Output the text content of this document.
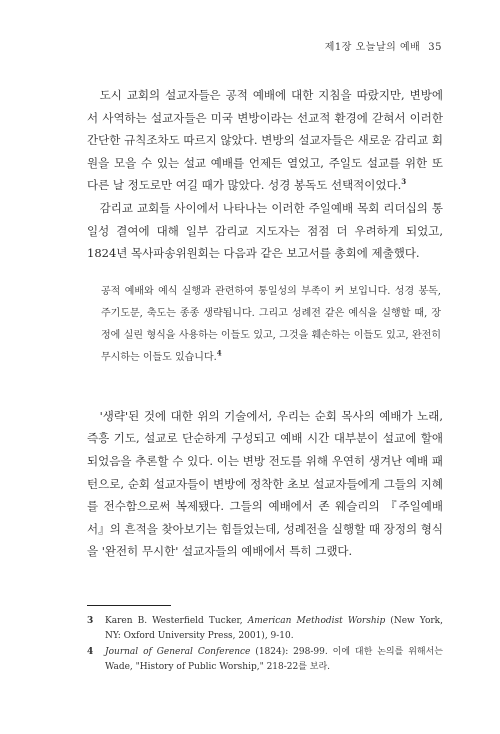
제1장 오늘날의 예배 35

도시 교회의 설교자들은 공적 예배에 대한 지침을 따랐지만, 변방에서 사역하는 설교자들은 미국 변방이라는 선교적 환경에 갇혀서 이러한 간단한 규칙조차도 따르지 않았다. 변방의 설교자들은 새로운 감리교 회원을 모을 수 있는 설교 예배를 언제든 열었고, 주일도 설교를 위한 또 다른 날 정도로만 여길 때가 많았다. 성경 봉독도 선택적이었다.$^3$

감리교 교회들 사이에서 나타나는 이러한 주일예배 목회 리더십의 통일성 결여에 대해 일부 감리교 지도자는 점점 더 우려하게 되었고, 1824년 목사파송위원회는 다음과 같은 보고서를 총회에 제출했다.

공적 예배와 예식 실행과 관련하여 통일성의 부족이 커 보입니다. 성경 봉독, 주기도문, 축도는 종종 생략됩니다. 그리고 성례전 같은 예식을 실행할 때, 장정에 실린 형식을 사용하는 이들도 있고, 그것을 훼손하는 이들도 있고, 완전히 무시하는 이들도 있습니다.$^4$

'생략'된 것에 대한 위의 기술에서, 우리는 순회 목사의 예배가 노래, 즉흥 기도, 설교로 단순하게 구성되고 예배 시간 대부분이 설교에 할애되었음을 추론할 수 있다. 이는 변방 전도를 위해 우연히 생겨난 예배 패턴으로, 순회 설교자들이 변방에 정착한 초보 설교자들에게 그들의 지혜를 전수함으로써 복제됐다. 그들의 예배에서 존 웨슬리의 『주일예배서』의 흔적을 찾아보기는 힘들었는데, 성례전을 실행할 때 장정의 형식을 '완전히 무시한' 설교자들의 예배에서 특히 그랬다.

3	Karen B. Westerfield Tucker, American Methodist Worship (New York, NY: Oxford University Press, 2001), 9-10.
4	Journal of General Conference (1824): 298-99. 이에 대한 논의를 위해서는 Wade, "History of Public Worship," 218-22를 보라.
